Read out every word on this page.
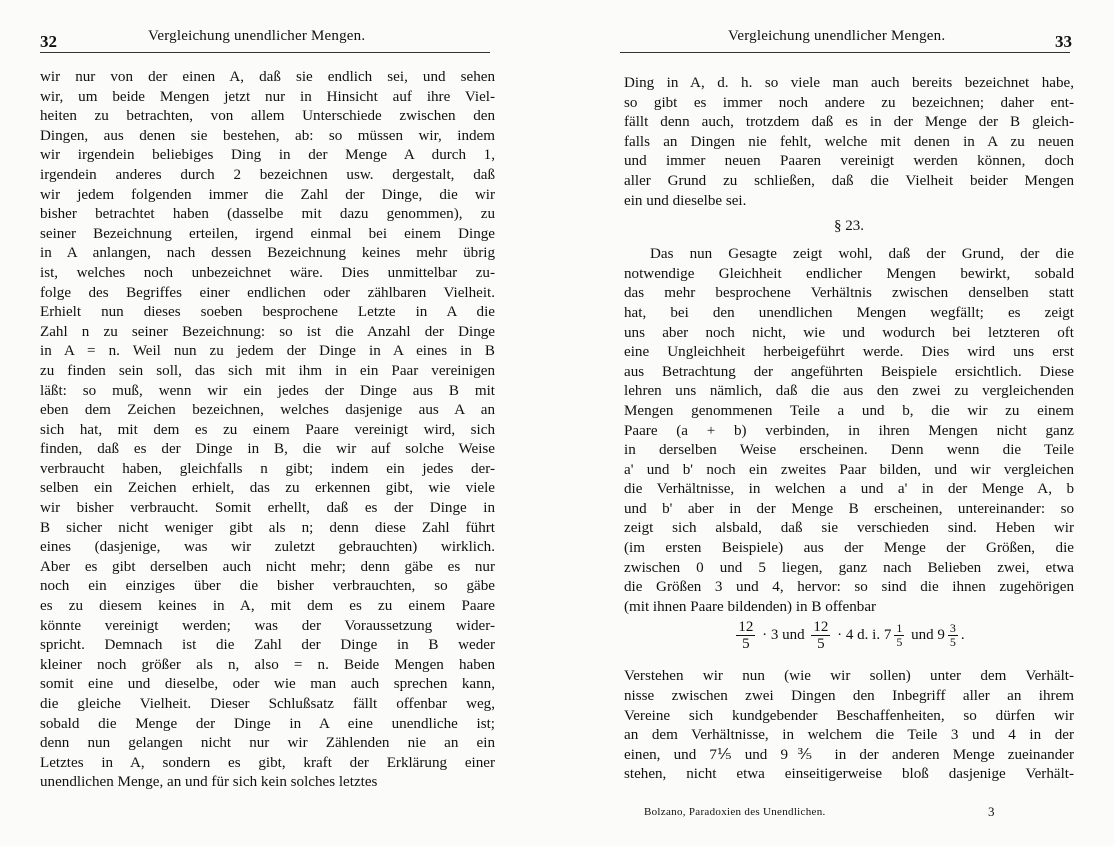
32	Vergleichung unendlicher Mengen.
wir nur von der einen A, daß sie endlich sei, und sehen
wir, um beide Mengen jetzt nur in Hinsicht auf ihre Viel-
heiten zu betrachten, von allem Unterschiede zwischen den
Dingen, aus denen sie bestehen, ab: so müssen wir, indem
wir irgendein beliebiges Ding in der Menge A durch 1,
irgendein anderes durch 2 bezeichnen usw. dergestalt, daß
wir jedem folgenden immer die Zahl der Dinge, die wir
bisher betrachtet haben (dasselbe mit dazu genommen), zu
seiner Bezeichnung erteilen, irgend einmal bei einem Dinge
in A anlangen, nach dessen Bezeichnung keines mehr übrig
ist, welches noch unbezeichnet wäre. Dies unmittelbar zu-
folge des Begriffes einer endlichen oder zählbaren Vielheit.
Erhielt nun dieses soeben besprochene Letzte in A die
Zahl n zu seiner Bezeichnung: so ist die Anzahl der Dinge
in A = n. Weil nun zu jedem der Dinge in A eines in B
zu finden sein soll, das sich mit ihm in ein Paar vereinigen
läßt: so muß, wenn wir ein jedes der Dinge aus B mit
eben dem Zeichen bezeichnen, welches dasjenige aus A an
sich hat, mit dem es zu einem Paare vereinigt wird, sich
finden, daß es der Dinge in B, die wir auf solche Weise
verbraucht haben, gleichfalls n gibt; indem ein jedes der-
selben ein Zeichen erhielt, das zu erkennen gibt, wie viele
wir bisher verbraucht. Somit erhellt, daß es der Dinge in
B sicher nicht weniger gibt als n; denn diese Zahl führt
eines (dasjenige, was wir zuletzt gebrauchten) wirklich.
Aber es gibt derselben auch nicht mehr; denn gäbe es nur
noch ein einziges über die bisher verbrauchten, so gäbe
es zu diesem keines in A, mit dem es zu einem Paare
könnte vereinigt werden; was der Voraussetzung wider-
spricht. Demnach ist die Zahl der Dinge in B weder
kleiner noch größer als n, also = n. Beide Mengen haben
somit eine und dieselbe, oder wie man auch sprechen kann,
die gleiche Vielheit. Dieser Schlußsatz fällt offenbar weg,
sobald die Menge der Dinge in A eine unendliche ist;
denn nun gelangen nicht nur wir Zählenden nie an ein
Letztes in A, sondern es gibt, kraft der Erklärung einer
unendlichen Menge, an und für sich kein solches letztes
Vergleichung unendlicher Mengen.	33
Ding in A, d. h. so viele man auch bereits bezeichnet habe,
so gibt es immer noch andere zu bezeichnen; daher ent-
fällt denn auch, trotzdem daß es in der Menge der B gleich-
falls an Dingen nie fehlt, welche mit denen in A zu neuen
und immer neuen Paaren vereinigt werden können, doch
aller Grund zu schließen, daß die Vielheit beider Mengen
ein und dieselbe sei.
§ 23.
Das nun Gesagte zeigt wohl, daß der Grund, der die
notwendige Gleichheit endlicher Mengen bewirkt, sobald
das mehr besprochene Verhältnis zwischen denselben statt
hat, bei den unendlichen Mengen wegfällt; es zeigt
uns aber noch nicht, wie und wodurch bei letzteren oft
eine Ungleichheit herbeigeführt werde. Dies wird uns erst
aus Betrachtung der angeführten Beispiele ersichtlich. Diese
lehren uns nämlich, daß die aus den zwei zu vergleichenden
Mengen genommenen Teile a und b, die wir zu einem
Paare (a + b) verbinden, in ihren Mengen nicht ganz
in derselben Weise erscheinen. Denn wenn die Teile
a' und b' noch ein zweites Paar bilden, und wir vergleichen
die Verhältnisse, in welchen a und a' in der Menge A, b
und b' aber in der Menge B erscheinen, untereinander: so
zeigt sich alsbald, daß sie verschieden sind. Heben wir
(im ersten Beispiele) aus der Menge der Größen, die
zwischen 0 und 5 liegen, ganz nach Belieben zwei, etwa
die Größen 3 und 4, hervor: so sind die ihnen zugehörigen
(mit ihnen Paare bildenden) in B offenbar
$\frac{12}{5} \cdot 3$ und $\frac{12}{5} \cdot 4$ d. i. $7 \frac{1}{5}$ und $9 \frac{3}{5}$ .
Verstehen wir nun (wie wir sollen) unter dem Verhält-
nisse zwischen zwei Dingen den Inbegriff aller an ihrem
Vereine sich kundgebender Beschaffenheiten, so dürfen wir
an dem Verhältnisse, in welchem die Teile 3 und 4 in der
einen, und 7⅕ und 9⅗ in der anderen Menge zueinander
stehen, nicht etwa einseitigerweise bloß dasjenige Verhält-
Bolzano, Paradoxien des Unendlichen.	3
